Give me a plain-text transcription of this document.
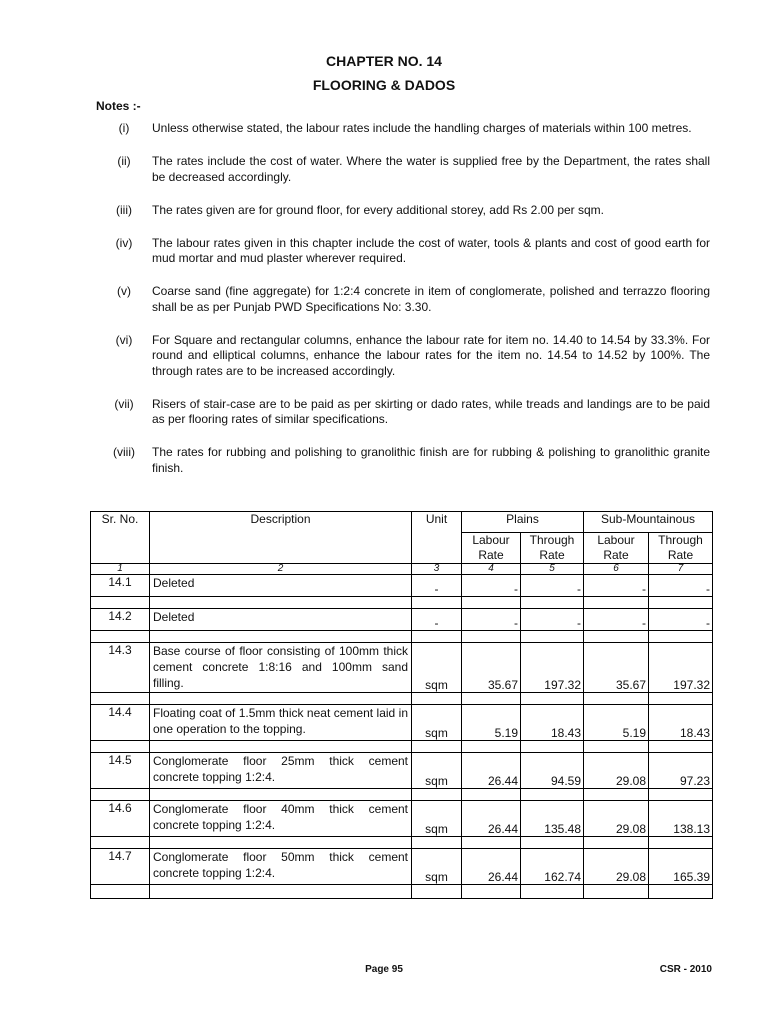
CHAPTER NO. 14
FLOORING & DADOS
Notes :-
(i)	Unless otherwise stated, the labour rates include the handling charges of materials within 100 metres.
(ii)	The rates include the cost of water. Where the water is supplied free by the Department, the rates shall be decreased accordingly.
(iii)	The rates given are for ground floor, for every additional storey, add Rs 2.00 per sqm.
(iv)	The labour rates given in this chapter include the cost of water, tools & plants and cost of good earth for mud mortar and mud plaster wherever required.
(v)	Coarse sand (fine aggregate) for 1:2:4 concrete in item of conglomerate, polished and terrazzo flooring shall be as per Punjab PWD Specifications No: 3.30.
(vi)	For Square and rectangular columns, enhance the labour rate for item no. 14.40 to 14.54 by 33.3%. For round and elliptical columns, enhance the labour rates for the item no. 14.54 to 14.52 by 100%. The through rates are to be increased accordingly.
(vii)	Risers of stair-case are to be paid as per skirting or dado rates, while treads and landings are to be paid as per flooring rates of similar specifications.
(viii)	The rates for rubbing and polishing to granolithic finish are for rubbing & polishing to granolithic granite finish.
Sr. No.	Description	Unit	Plains		Sub-Mountainous	
			Labour Rate	Through Rate	Labour Rate	Through Rate
1	2	3	4	5	6	7
14.1	Deleted	-	-	-	-	-

14.2	Deleted	-	-	-	-	-

14.3	Base course of floor consisting of 100mm thick cement concrete 1:8:16 and 100mm sand filling.	sqm	35.67	197.32	35.67	197.32

14.4	Floating coat of 1.5mm thick neat cement laid in one operation to the topping.	sqm	5.19	18.43	5.19	18.43

14.5	Conglomerate floor 25mm thick cement concrete topping 1:2:4.	sqm	26.44	94.59	29.08	97.23

14.6	Conglomerate floor 40mm thick cement concrete topping 1:2:4.	sqm	26.44	135.48	29.08	138.13

14.7	Conglomerate floor 50mm thick cement concrete topping 1:2:4.	sqm	26.44	162.74	29.08	165.39

Page 95	CSR - 2010
